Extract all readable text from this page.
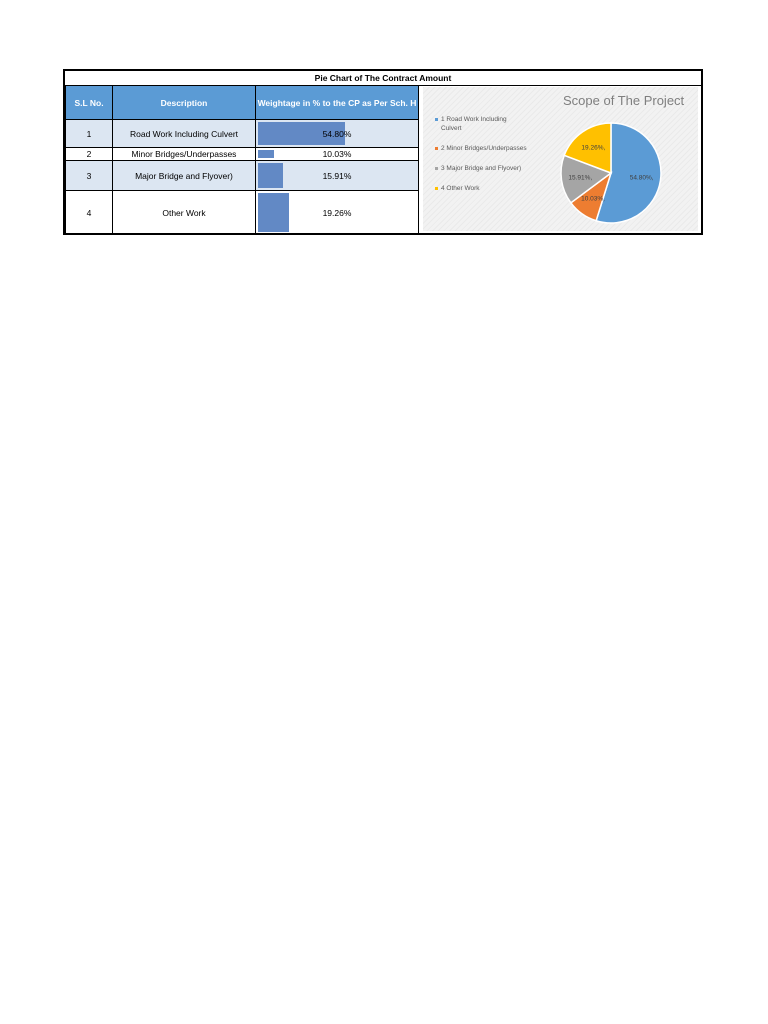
Pie Chart of The Contract Amount
S.L No.	Description	Weightage in % to the CP as Per Sch. H
1	Road Work Including Culvert	54.80%
2	Minor Bridges/Underpasses	10.03%
3	Major Bridge and Flyover)	15.91%
4	Other Work	19.26%
Scope of The Project
1 Road Work Including Culvert
2 Minor Bridges/Underpasses
3 Major Bridge and Flyover)
4 Other Work
54.80%,
10.03%,
15.91%,
19.26%,
